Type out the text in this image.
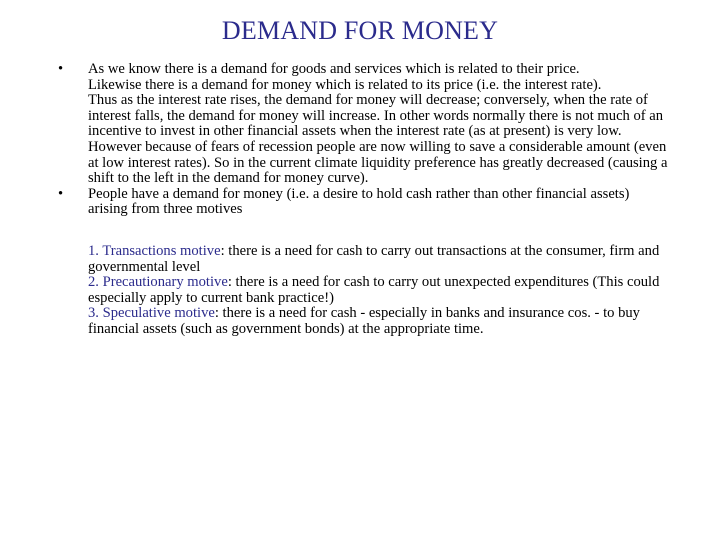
DEMAND FOR MONEY
•	As we know there is a demand for goods and services which is related to their price.

Likewise there is a demand for money which is related to its price (i.e. the interest rate).

Thus as the interest rate rises, the demand for money will decrease; conversely, when the rate of interest falls, the demand for money will increase. In other words normally there is not much of an incentive to invest in other financial assets when the interest rate (as at present) is very low. However because of fears of recession people are now willing to save a considerable amount (even at low interest rates). So in the current climate liquidity preference has greatly decreased (causing a shift to the left in the demand for money curve).

•	People have a demand for money (i.e. a desire to hold cash rather than other financial assets) arising from three motives

1. Transactions motive: there is a need for cash to carry out transactions at the consumer, firm and governmental level

2. Precautionary motive: there is a need for cash to carry out unexpected expenditures (This could especially apply to current bank practice!)

3. Speculative motive: there is a need for cash - especially in banks and insurance cos. - to buy financial assets (such as government bonds) at the appropriate time.
